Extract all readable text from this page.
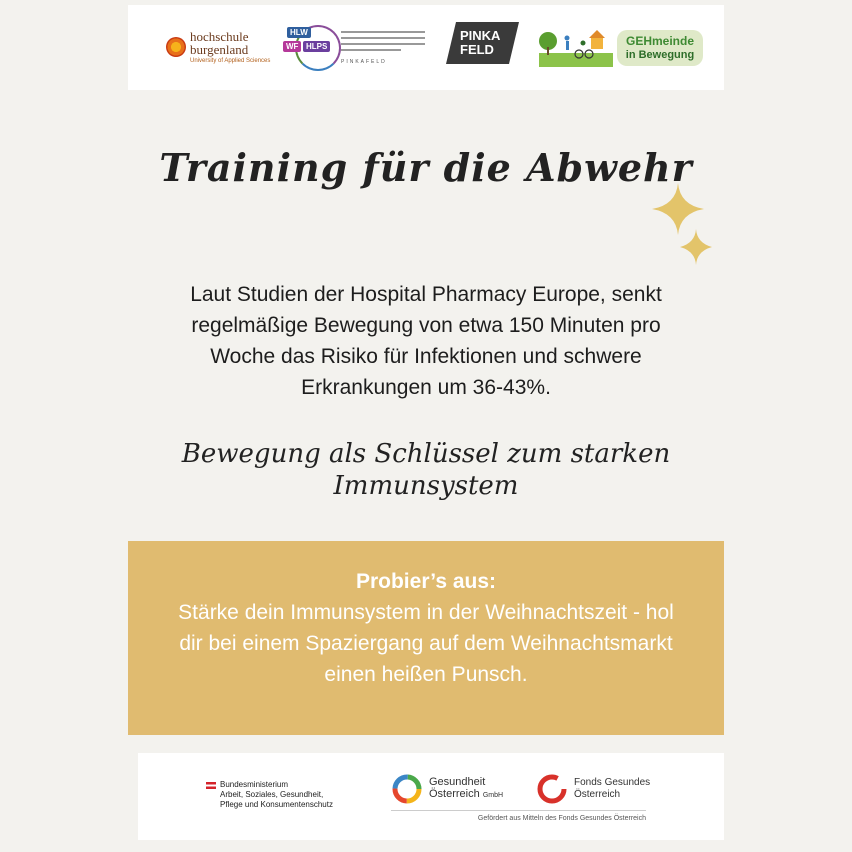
hochschule
burgenland
University of Applied Sciences
HLW
WF HLPS
PINKAFELD
PINKA
FELD
GEHmeinde
in Bewegung
Training für die Abwehr

Laut Studien der Hospital Pharmacy Europe, senkt regelmäßige Bewegung von etwa 150 Minuten pro Woche das Risiko für Infektionen und schwere Erkrankungen um 36-43%.

Bewegung als Schlüssel zum starken Immunsystem

Probier’s aus:

Stärke dein Immunsystem in der Weihnachtszeit - hol dir bei einem Spaziergang auf dem Weihnachtsmarkt einen heißen Punsch.

Bundesministerium
Arbeit, Soziales, Gesundheit,
Pflege und Konsumentenschutz
Gesundheit
Österreich GmbH
Fonds Gesundes
Österreich
Gefördert aus Mitteln des Fonds Gesundes Österreich
